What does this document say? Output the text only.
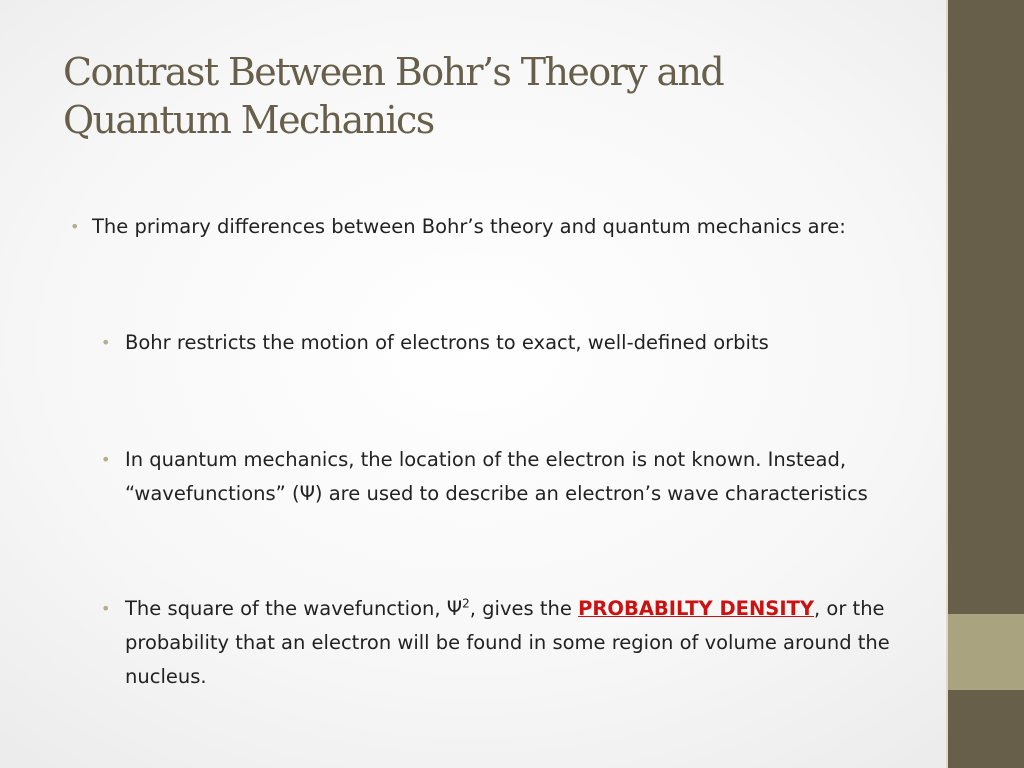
Contrast Between Bohr’s Theory and
Quantum Mechanics

• The primary differences between Bohr’s theory and quantum mechanics are:

• Bohr restricts the motion of electrons to exact, well-defined orbits

• In quantum mechanics, the location of the electron is not known. Instead, “wavefunctions” (Ψ) are used to describe an electron’s wave characteristics

• The square of the wavefunction, $\Psi^2$, gives the PROBABILTY DENSITY, or the probability that an electron will be found in some region of volume around the nucleus.
